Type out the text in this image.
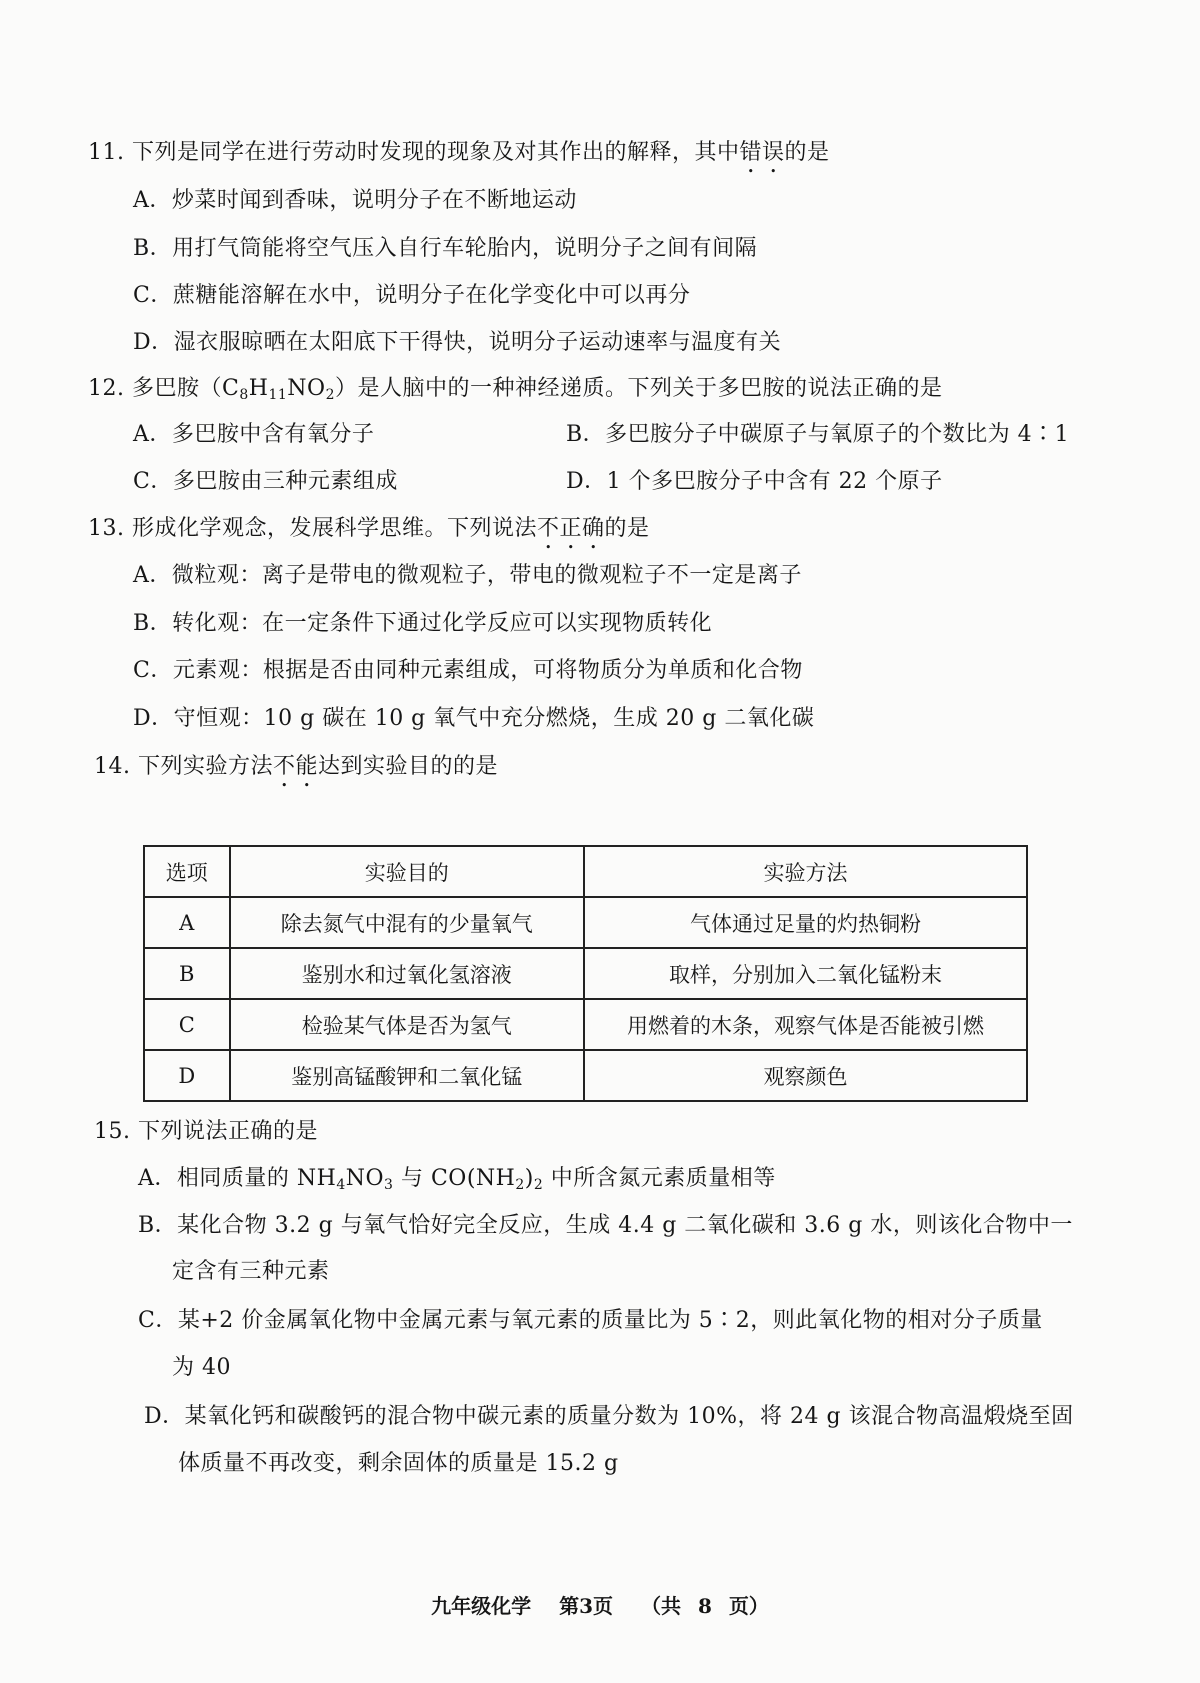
11. 下列是同学在进行劳动时发现的现象及对其作出的解释，其中错误的是
A．炒菜时闻到香味，说明分子在不断地运动
B．用打气筒能将空气压入自行车轮胎内，说明分子之间有间隔
C．蔗糖能溶解在水中，说明分子在化学变化中可以再分
D．湿衣服晾晒在太阳底下干得快，说明分子运动速率与温度有关
12. 多巴胺$(C_8H_{11}NO_2)$是人脑中的一种神经递质。下列关于多巴胺的说法正确的是
A．多巴胺中含有氧分子	B．多巴胺分子中碳原子与氧原子的个数比为 4∶1
C．多巴胺由三种元素组成	D．1 个多巴胺分子中含有 22 个原子
13. 形成化学观念，发展科学思维。下列说法不正确的是
A．微粒观：离子是带电的微观粒子，带电的微观粒子不一定是离子
B．转化观：在一定条件下通过化学反应可以实现物质转化
C．元素观：根据是否由同种元素组成，可将物质分为单质和化合物
D．守恒观：10 g 碳在 10 g 氧气中充分燃烧，生成 20 g 二氧化碳
14. 下列实验方法不能达到实验目的的是
选项	实验目的	实验方法
A	除去氮气中混有的少量氧气	气体通过足量的灼热铜粉
B	鉴别水和过氧化氢溶液	取样，分别加入二氧化锰粉末
C	检验某气体是否为氢气	用燃着的木条，观察气体是否能被引燃
D	鉴别高锰酸钾和二氧化锰	观察颜色
15. 下列说法正确的是
A．相同质量的 $NH_4NO_3$ 与 $CO(NH_2)_2$ 中所含氮元素质量相等
B．某化合物 3.2 g 与氧气恰好完全反应，生成 4.4 g 二氧化碳和 3.6 g 水，则该化合物中一
定含有三种元素
C．某+2 价金属氧化物中金属元素与氧元素的质量比为 5∶2，则此氧化物的相对分子质量
为 40
D．某氧化钙和碳酸钙的混合物中碳元素的质量分数为 10%，将 24 g 该混合物高温煅烧至固
体质量不再改变，剩余固体的质量是 15.2 g
九年级化学 第3页 （共 8 页）
